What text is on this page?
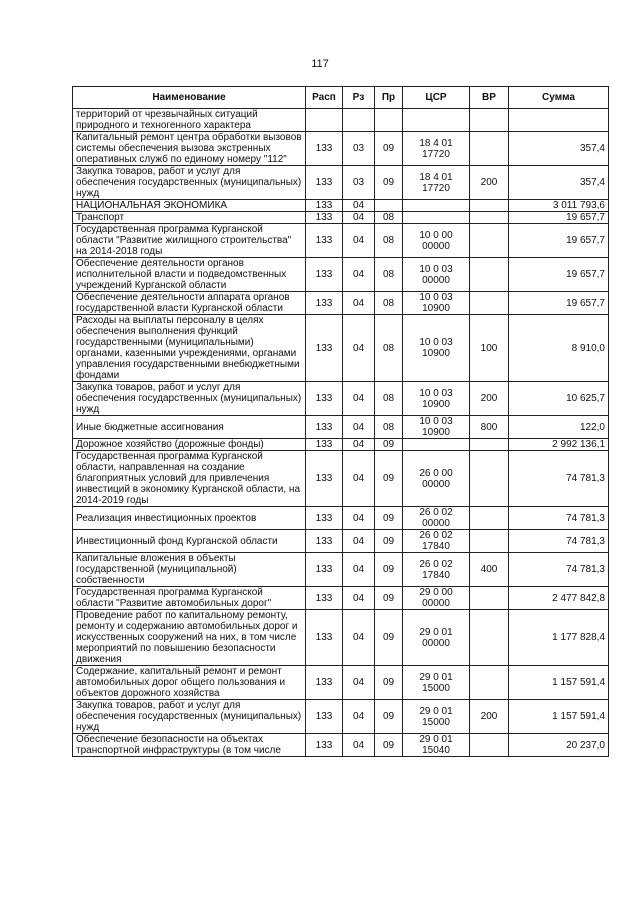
117
Наименование	Расп	Рз	Пр	ЦСР	ВР	Сумма
территорий от чрезвычайных ситуаций природного и техногенного характера						
Капитальный ремонт центра обработки вызовов системы обеспечения вызова экстренных оперативных служб по единому номеру "112"	133	03	09	18 4 01 17720		357,4
Закупка товаров, работ и услуг для обеспечения государственных (муниципальных) нужд	133	03	09	18 4 01 17720	200	357,4
НАЦИОНАЛЬНАЯ ЭКОНОМИКА	133	04				3 011 793,6
Транспорт	133	04	08			19 657,7
Государственная программа Курганской области "Развитие жилищного строительства" на 2014-2018 годы	133	04	08	10 0 00 00000		19 657,7
Обеспечение деятельности органов исполнительной власти и подведомственных учреждений Курганской области	133	04	08	10 0 03 00000		19 657,7
Обеспечение деятельности аппарата органов государственной власти Курганской области	133	04	08	10 0 03 10900		19 657,7
Расходы на выплаты персоналу в целях обеспечения выполнения функций государственными (муниципальными) органами, казенными учреждениями, органами управления государственными внебюджетными фондами	133	04	08	10 0 03 10900	100	8 910,0
Закупка товаров, работ и услуг для обеспечения государственных (муниципальных) нужд	133	04	08	10 0 03 10900	200	10 625,7
Иные бюджетные ассигнования	133	04	08	10 0 03 10900	800	122,0
Дорожное хозяйство (дорожные фонды)	133	04	09			2 992 136,1
Государственная программа Курганской области, направленная на создание благоприятных условий для привлечения инвестиций в экономику Курганской области, на 2014-2019 годы	133	04	09	26 0 00 00000		74 781,3
Реализация инвестиционных проектов	133	04	09	26 0 02 00000		74 781,3
Инвестиционный фонд Курганской области	133	04	09	26 0 02 17840		74 781,3
Капитальные вложения в объекты государственной (муниципальной) собственности	133	04	09	26 0 02 17840	400	74 781,3
Государственная программа Курганской области "Развитие автомобильных дорог"	133	04	09	29 0 00 00000		2 477 842,8
Проведение работ по капитальному ремонту, ремонту и содержанию автомобильных дорог и искусственных сооружений на них, в том числе мероприятий по повышению безопасности движения	133	04	09	29 0 01 00000		1 177 828,4
Содержание, капитальный ремонт и ремонт автомобильных дорог общего пользования и объектов дорожного хозяйства	133	04	09	29 0 01 15000		1 157 591,4
Закупка товаров, работ и услуг для обеспечения государственных (муниципальных) нужд	133	04	09	29 0 01 15000	200	1 157 591,4
Обеспечение безопасности на объектах транспортной инфраструктуры (в том числе	133	04	09	29 0 01 15040		20 237,0
